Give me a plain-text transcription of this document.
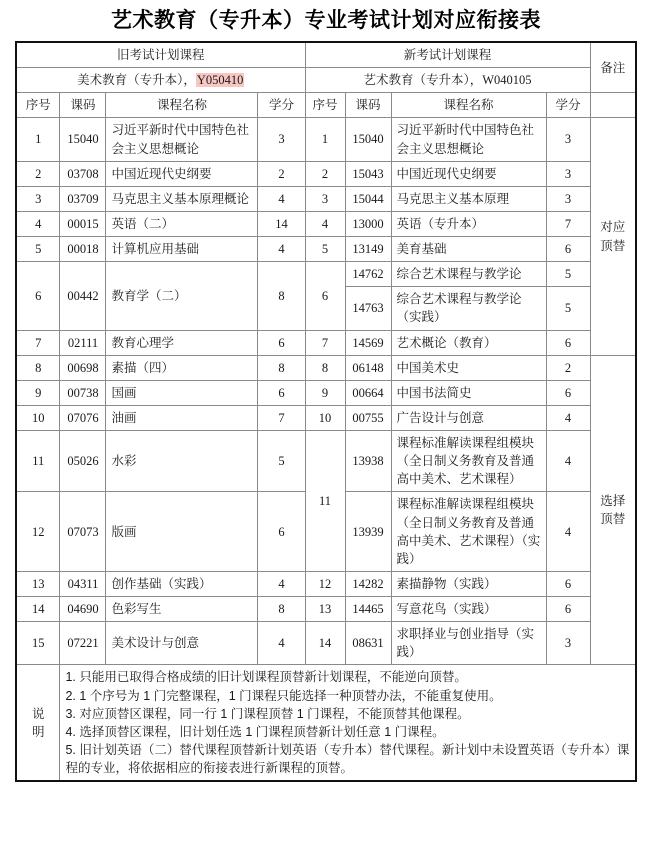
艺术教育（专升本）专业考试计划对应衔接表
旧考试计划课程				新考试计划课程				备注
美术教育（专升本），Y050410				艺术教育（专升本），W040105				
序号	课码	课程名称	学分	序号	课码	课程名称	学分	
1	15040	习近平新时代中国特色社会主义思想概论	3	1	15040	习近平新时代中国特色社会主义思想概论	3	对应顶替
2	03708	中国近现代史纲要	2	2	15043	中国近现代史纲要	3	
3	03709	马克思主义基本原理概论	4	3	15044	马克思主义基本原理	3	
4	00015	英语（二）	14	4	13000	英语（专升本）	7	
5	00018	计算机应用基础	4	5	13149	美育基础	6	
6	00442	教育学（二）	8	6	14762	综合艺术课程与教学论	5	
					14763	综合艺术课程与教学论（实践）	5	
7	02111	教育心理学	6	7	14569	艺术概论（教育）	6	
8	00698	素描（四）	8	8	06148	中国美术史	2	选择顶替
9	00738	国画	6	9	00664	中国书法简史	6	
10	07076	油画	7	10	00755	广告设计与创意	4	
11	05026	水彩	5	11	13938	课程标准解读课程组模块（全日制义务教育及普通高中美术、艺术课程）	4	
12	07073	版画	6		13939	课程标准解读课程组模块（全日制义务教育及普通高中美术、艺术课程）（实践）	4	
13	04311	创作基础（实践）	4	12	14282	素描静物（实践）	6	
14	04690	色彩写生	8	13	14465	写意花鸟（实践）	6	
15	07221	美术设计与创意	4	14	08631	求职择业与创业指导（实践）	3	

说
明

1. 只能用已取得合格成绩的旧计划课程顶替新计划课程，不能逆向顶替。
2. 1 个序号为 1 门完整课程，1 门课程只能选择一种顶替办法，不能重复使用。
3. 对应顶替区课程，同一行 1 门课程顶替 1 门课程，不能顶替其他课程。
4. 选择顶替区课程，旧计划任选 1 门课程顶替新计划任意 1 门课程。
5. 旧计划英语（二）替代课程顶替新计划英语（专升本）替代课程。新计划中未设置英语（专升本）课程的专业，将依据相应的衔接表进行新课程的顶替。
